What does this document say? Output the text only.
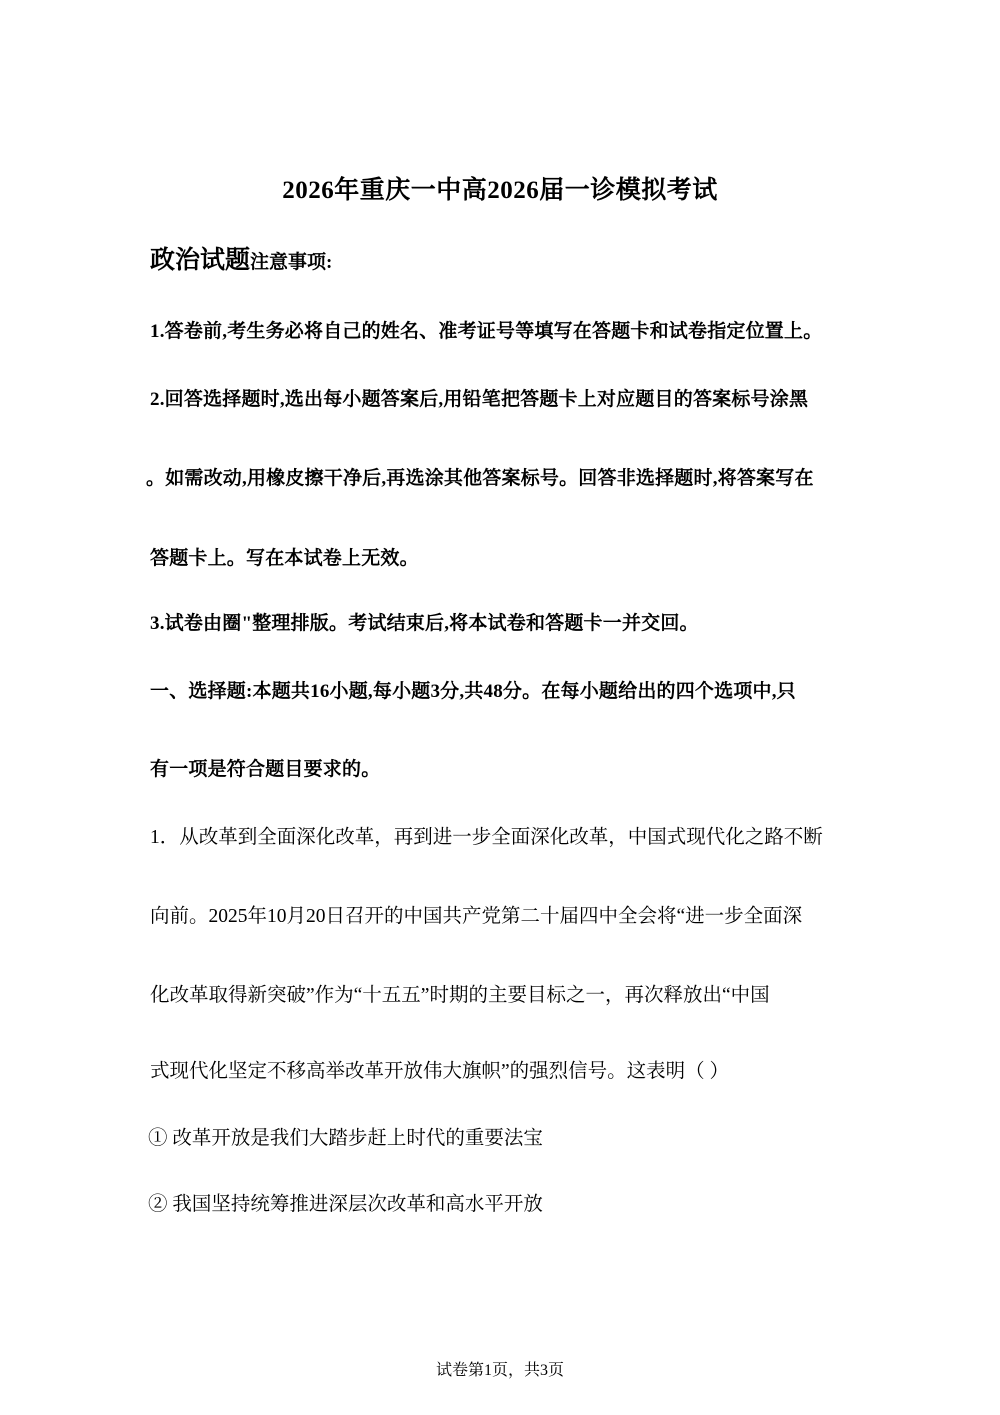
2026年重庆一中高2026届一诊模拟考试
政治试题注意事项:
1.答卷前,考生务必将自己的姓名、准考证号等填写在答题卡和试卷指定位置上。
2.回答选择题时,选出每小题答案后,用铅笔把答题卡上对应题目的答案标号涂黑
。如需改动,用橡皮擦干净后,再选涂其他答案标号。回答非选择题时,将答案写在
答题卡上。写在本试卷上无效。
3.试卷由圈"整理排版。考试结束后,将本试卷和答题卡一并交回。
一、选择题:本题共16小题,每小题3分,共48分。在每小题给出的四个选项中,只
有一项是符合题目要求的。
1．从改革到全面深化改革，再到进一步全面深化改革，中国式现代化之路不断
向前。2025年10月20日召开的中国共产党第二十届四中全会将“进一步全面深
化改革取得新突破”作为“十五五”时期的主要目标之一，再次释放出“中国
式现代化坚定不移高举改革开放伟大旗帜”的强烈信号。这表明（ ）
① 改革开放是我们大踏步赶上时代的重要法宝
② 我国坚持统筹推进深层次改革和高水平开放
试卷第1页，共3页
